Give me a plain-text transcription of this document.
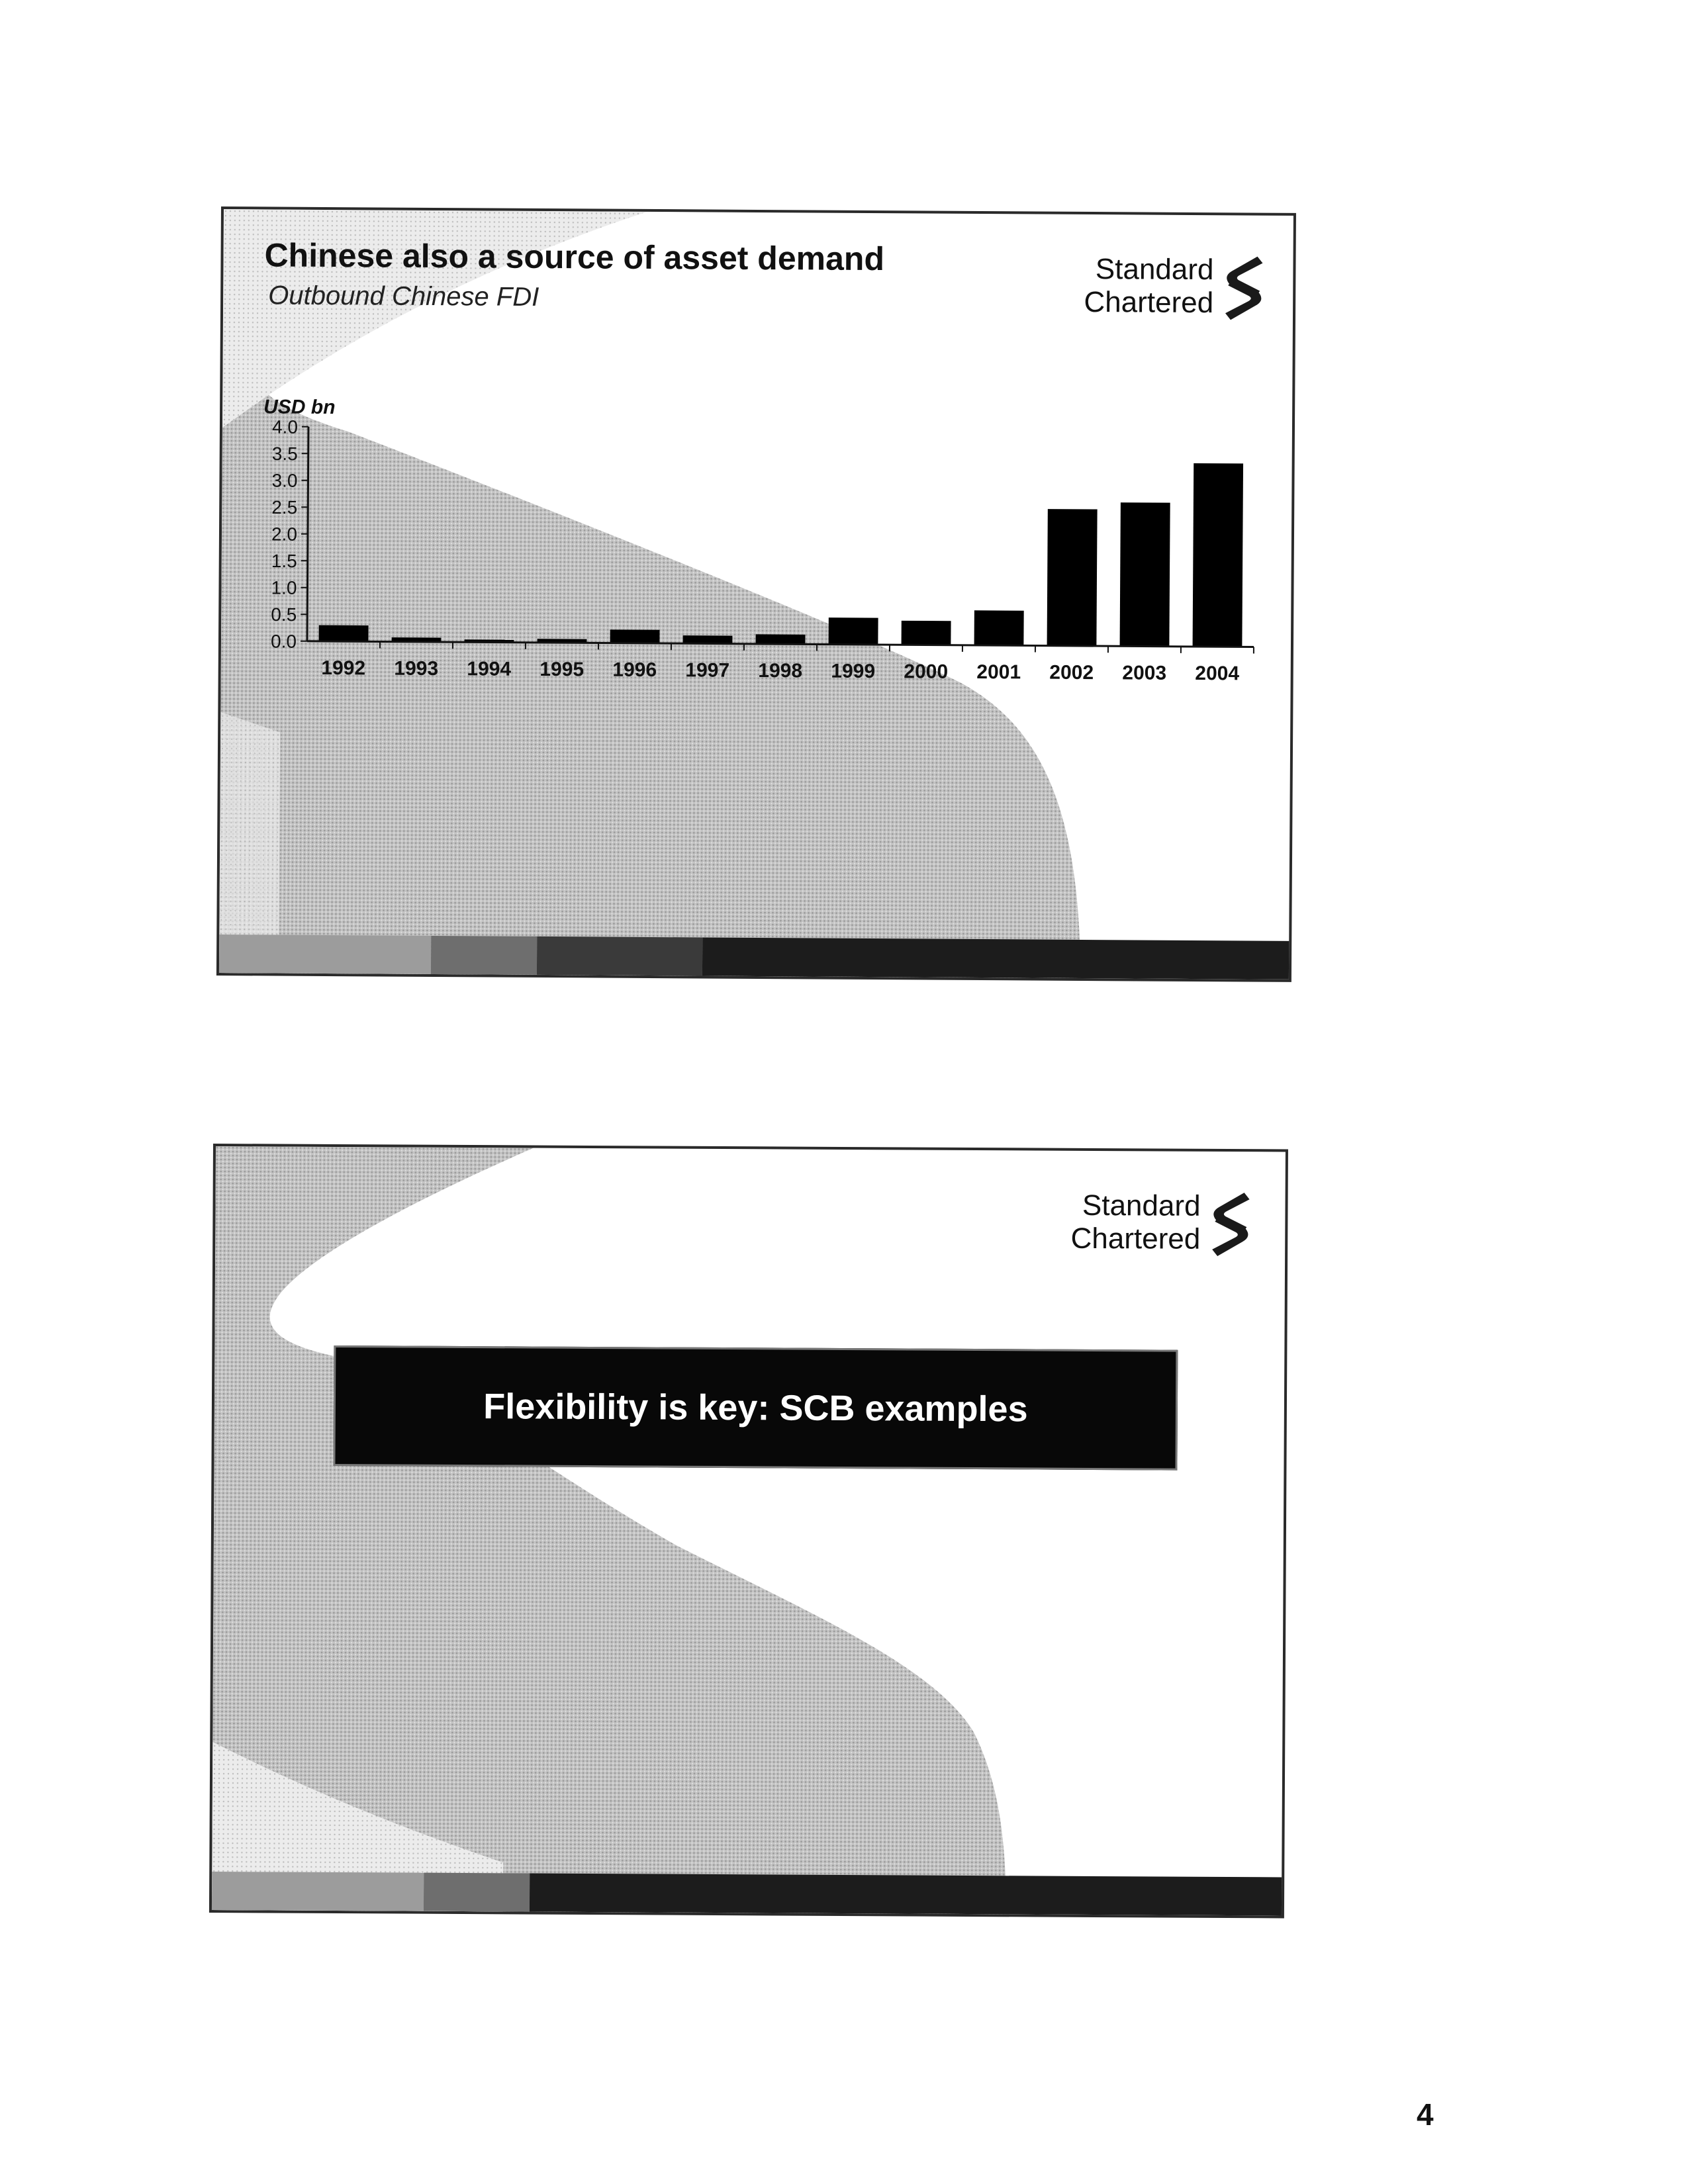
Chinese also a source of asset demand
Outbound Chinese FDI
Standard
Chartered
USD bn
0.0
0.5
1.0
1.5
2.0
2.5
3.0
3.5
4.0
1992 1993 1994 1995 1996 1997 1998 1999 2000 2001 2002 2003 2004
Standard
Chartered
Flexibility is key: SCB examples
4
